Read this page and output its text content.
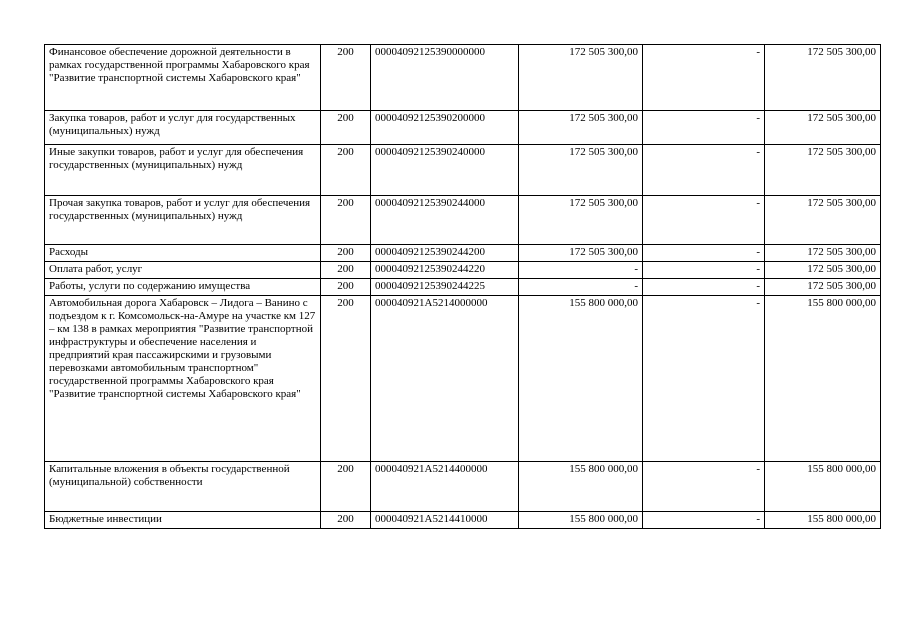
Финансовое обеспечение дорожной деятельности в рамках государственной программы Хабаровского края "Развитие транспортной системы Хабаровского края"	200	00004092125390000000	172 505 300,00	-	172 505 300,00
Закупка товаров, работ и услуг для государственных (муниципальных) нужд	200	00004092125390200000	172 505 300,00	-	172 505 300,00
Иные закупки товаров, работ и услуг для обеспечения государственных (муниципальных) нужд	200	00004092125390240000	172 505 300,00	-	172 505 300,00
Прочая закупка товаров, работ и услуг для обеспечения государственных (муниципальных) нужд	200	00004092125390244000	172 505 300,00	-	172 505 300,00
Расходы	200	00004092125390244200	172 505 300,00	-	172 505 300,00
Оплата работ, услуг	200	00004092125390244220	-	-	172 505 300,00
Работы, услуги по содержанию имущества	200	00004092125390244225	-	-	172 505 300,00
Автомобильная дорога Хабаровск – Лидога – Ванино с подъездом к г. Комсомольск-на-Амуре на участке км 127 – км 138 в рамках мероприятия "Развитие транспортной инфраструктуры и обеспечение населения и предприятий края пассажирскими и грузовыми перевозками автомобильным транспортном" государственной программы Хабаровского края "Развитие транспортной системы Хабаровского края"	200	000040921А5214000000	155 800 000,00	-	155 800 000,00
Капитальные вложения в объекты государственной (муниципальной) собственности	200	000040921А5214400000	155 800 000,00	-	155 800 000,00
Бюджетные инвестиции	200	000040921А5214410000	155 800 000,00	-	155 800 000,00
